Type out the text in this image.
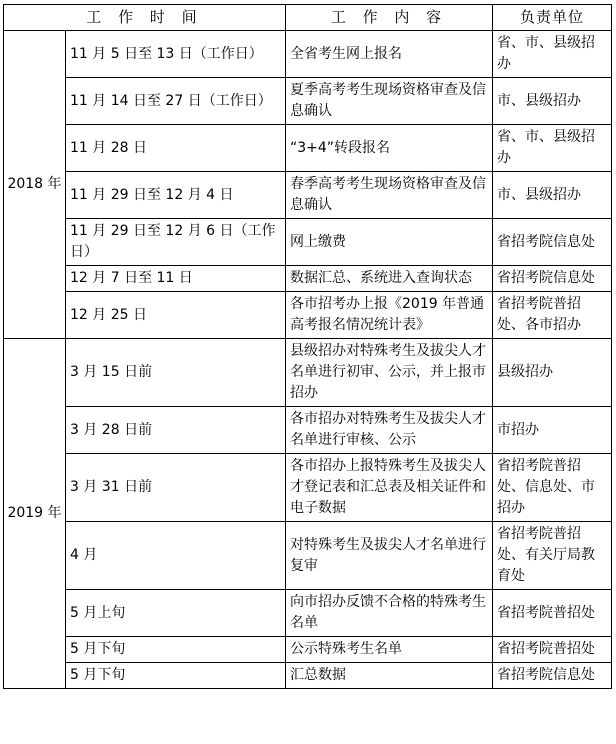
工 作 时 间		工 作 内 容	负责单位
2018 年	11 月 5 日至 13 日（工作日）	全省考生网上报名	省、市、县级招办
	11 月 14 日至 27 日（工作日）	夏季高考考生现场资格审查及信息确认	市、县级招办
	11 月 28 日	“3+4”转段报名	省、市、县级招办
	11 月 29 日至 12 月 4 日	春季高考考生现场资格审查及信息确认	市、县级招办
	11 月 29 日至 12 月 6 日（工作日）	网上缴费	省招考院信息处
	12 月 7 日至 11 日	数据汇总、系统进入查询状态	省招考院信息处
	12 月 25 日	各市招考办上报《2019 年普通高考报名情况统计表》	省招考院普招处、各市招办
2019 年	3 月 15 日前	县级招办对特殊考生及拔尖人才名单进行初审、公示，并上报市招办	县级招办
	3 月 28 日前	各市招办对特殊考生及拔尖人才名单进行审核、公示	市招办
	3 月 31 日前	各市招办上报特殊考生及拔尖人才登记表和汇总表及相关证件和电子数据	省招考院普招处、信息处、市招办
	4 月	对特殊考生及拔尖人才名单进行复审	省招考院普招处、有关厅局教育处
	5 月上旬	向市招办反馈不合格的特殊考生名单	省招考院普招处
	5 月下旬	公示特殊考生名单	省招考院普招处
	5 月下旬	汇总数据	省招考院信息处
